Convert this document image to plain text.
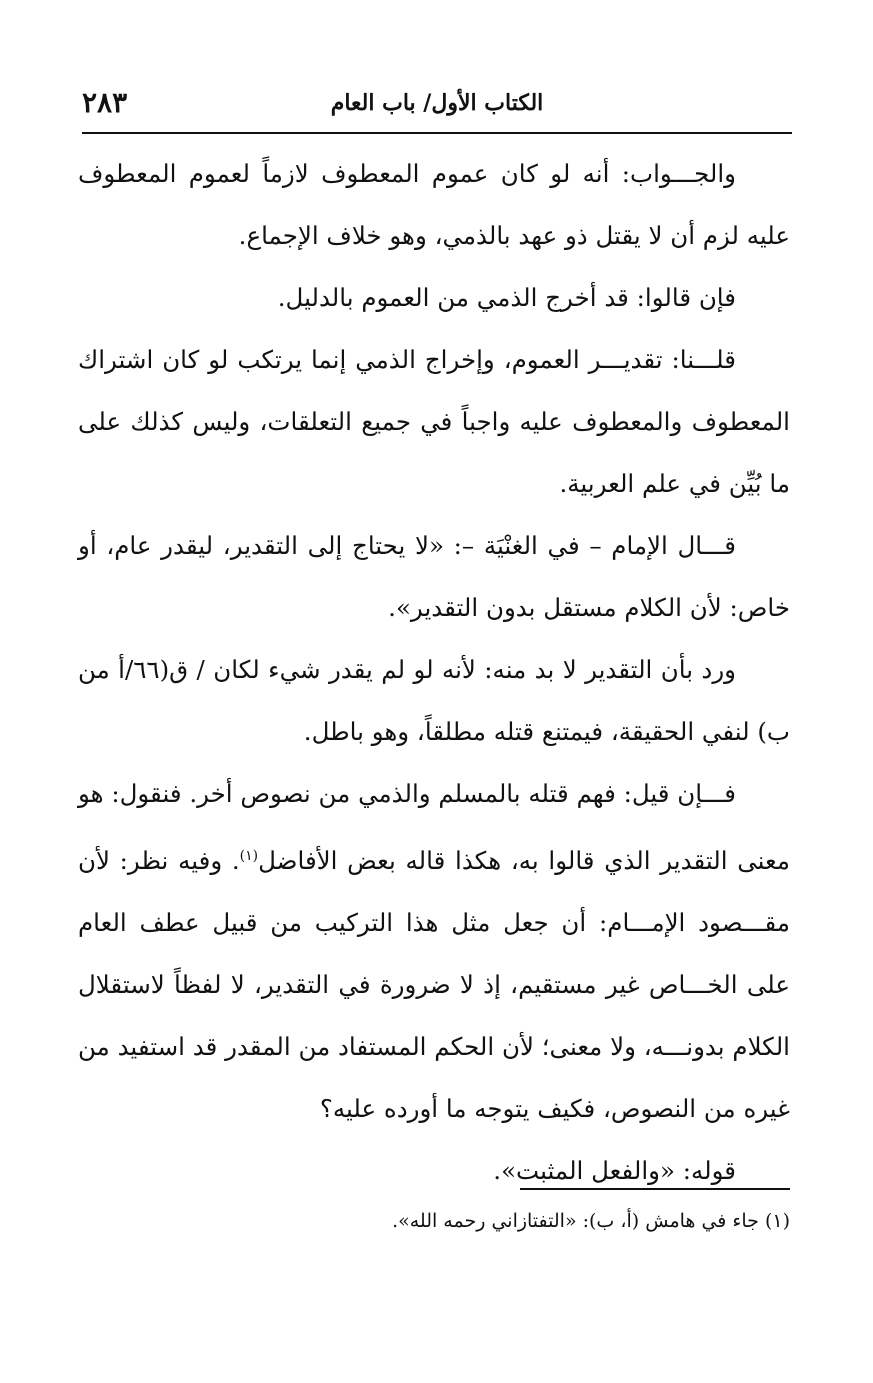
٢٨٣	الكتاب الأول/ باب العام

والجـــواب: أنه لو كان عموم المعطوف لازماً لعموم المعطوف عليه لزم أن لا يقتل ذو عهد بالذمي، وهو خلاف الإجماع.

فإن قالوا: قد أخرج الذمي من العموم بالدليل.

قلـــنا: تقديـــر العموم، وإخراج الذمي إنما يرتكب لو كان اشتراك المعطوف والمعطوف عليه واجباً في جميع التعلقات، وليس كذلك على ما بُيِّن في علم العربية.

قـــال الإمام – في الغنْيَة –: «لا يحتاج إلى التقدير، ليقدر عام، أو خاص: لأن الكلام مستقل بدون التقدير».

ورد بأن التقدير لا بد منه: لأنه لو لم يقدر شيء لكان / ق(٦٦/أ من ب) لنفي الحقيقة، فيمتنع قتله مطلقاً، وهو باطل.

فـــإن قيل: فهم قتله بالمسلم والذمي من نصوص أخر. فنقول: هو معنى التقدير الذي قالوا به، هكذا قاله بعض الأفاضل$^{(١)}$. وفيه نظر: لأن مقـــصود الإمـــام: أن جعل مثل هذا التركيب من قبيل عطف العام على الخـــاص غير مستقيم، إذ لا ضرورة في التقدير، لا لفظاً لاستقلال الكلام بدونـــه، ولا معنى؛ لأن الحكم المستفاد من المقدر قد استفيد من غيره من النصوص، فكيف يتوجه ما أورده عليه؟

قوله: «والفعل المثبت».

(١) جاء في هامش (أ، ب): «التفتازاني رحمه الله».
